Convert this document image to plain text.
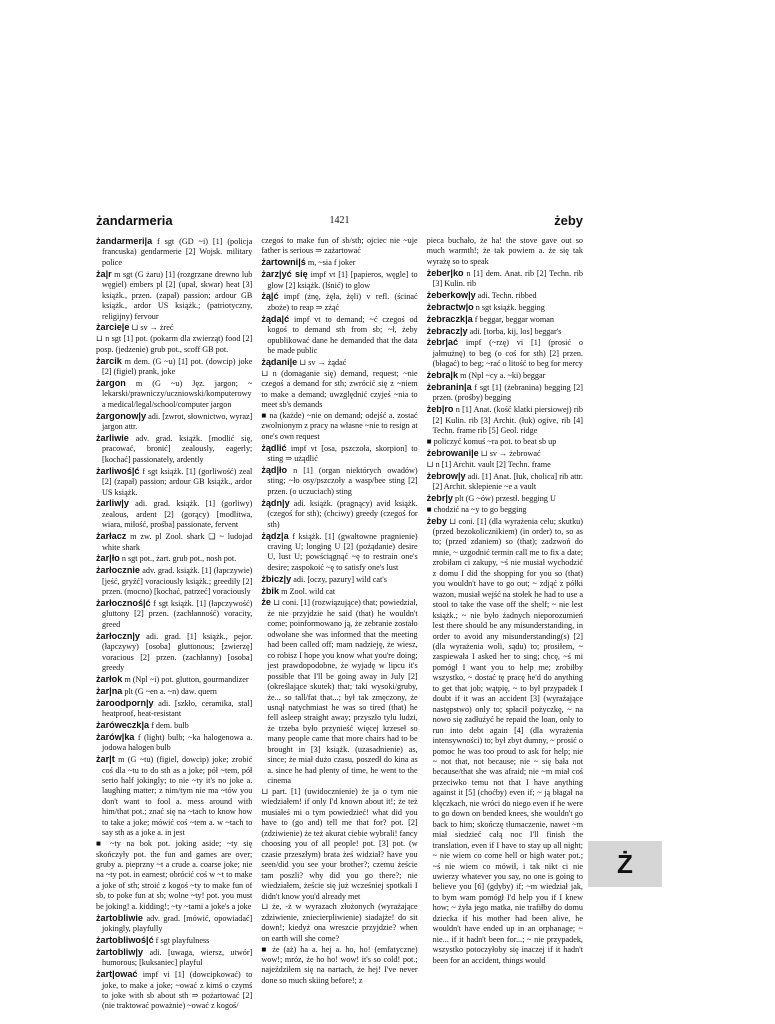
żandarmeria	1421	żeby

żandarmeri|a f sgt (GD ~i) [1] (policja francuska) gendarmerie [2] Wojsk. military police

ża|r m sgt (G żaru) [1] (rozgrzane drewno lub węgiel) embers pl [2] (upał, skwar) heat [3] książk., przen. (zapał) passion; ardour GB książk., ardor US książk.; (patriotyczny, religijny) fervour

żarcie|e ⊔ sv → żreć

⊔ n sgt [1] pot. (pokarm dla zwierząt) food [2] posp. (jedzenie) grub pot., scoff GB pot.

żarcik m dem. (G ~u) [1] pot. (dowcip) joke [2] (figiel) prank, joke

żargon m (G ~u) Jęz. jargon; ~ lekarski/prawniczy/uczniowski/komputerowy a medical/legal/school/computer jargon

żargonow|y adi. [zwrot, słownictwo, wyraz] jargon attr.

żarliwie adv. grad. książk. [modlić się, pracować, bronić] zealously, eagerly; [kochać] passionately, ardently

żarliwoś|ć f sgt książk. [1] (gorliwość) zeal [2] (zapał) passion; ardour GB książk., ardor US książk.

żarliw|y adi. grad. książk. [1] (gorliwy) zealous, ardent [2] (gorący) [modlitwa, wiara, miłość, prośba] passionate, fervent

żarłacz m zw. pl Zool. shark ❑ ~ ludojad white shark

żar|ło n sgt pot., żart. grub pot., nosh pot.

żarłocznie adv. grad. książk. [1] (łapczywie) [jeść, gryźć] voraciously książk.; greedily [2] przen. (mocno) [kochać, patrzeć] voraciously

żarłocznoś|ć f sgt książk. [1] (łapczywość) gluttony [2] przen. (zachłanność) voracity, greed

żarłoczn|y adi. grad. [1] książk., pejor. (łapczywy) [osoba] gluttonous; [zwierzę] voracious [2] przen. (zachłanny) [osoba] greedy

żarłok m (Npl ~i) pot. glutton, gourmandizer

żar|na plt (G ~en a. ~n) daw. quern

żaroodporn|y adi. [szkło, ceramika, stal] heatproof, heat-resistant

żaróweczk|a f dem. bulb

żarów|ka f (light) bulb; ~ka halogenowa a. jodowa halogen bulb

żar|t m (G ~tu) (figiel, dowcip) joke; zrobić coś dla ~tu to do sth as a joke; pół ~tem, pół serio half jokingly; to nie ~ty it's no joke a. laughing matter; z nim/tym nie ma ~tów you don't want to fool a. mess around with him/that pot.; znać się na ~tach to know how to take a joke; mówić coś ~tem a. w ~tach to say sth as a joke a. in jest

■ ~ty na bok pot. joking aside; ~ty się skończyły pot. the fun and games are over; gruby a. pieprzny ~t a crude a. coarse joke; nie na ~ty pot. in earnest; obrócić coś w ~t to make a joke of sth; stroić z kogoś ~ty to make fun of sb, to poke fun at sb; wolne ~ty! pot. you must be joking! a. kidding!; ~ty ~tami a joke's a joke

żartobliwie adv. grad. [mówić, opowiadać] jokingly, playfully

żartobliwoś|ć f sgt playfulness

żartobliw|y adi. [uwaga, wiersz, utwór] humorous; [kuksaniec] playful

żart|ować impf vi [1] (dowcipkować) to joke, to make a joke; ~ować z kimś o czymś to joke with sb about sth ⇒ pożartować [2] (nie traktować poważnie) ~ować z kogoś/

czegoś to make fun of sb/sth; ojciec nie ~uje father is serious ⇒ zażartować

żartowni|ś m, ~sia f joker

żarz|yć się impf vt [1] [papieros, węgle] to glow [2] książk. (lśnić) to glow

żą|ć impf (żnę, żęła, żęli) v refl. (ścinać zboże) to reap ⇒ zżąć

żąda|ć impf vt to demand; ~ć czegoś od kogoś to demand sth from sb; ~ł, żeby opublikować dane he demanded that the data be made public

żądani|e ⊔ sv → żądać

⊔ n (domaganie się) demand, request; ~nie czegoś a demand for sth; zwrócić się z ~niem to make a demand; uwzględnić czyjeś ~nia to meet sb's demands

■ na (każde) ~nie on demand; odejść a. zostać zwolnionym z pracy na własne ~nie to resign at one's own request

żądlić impf vt [osa, pszczoła, skorpion] to sting ⇒ użądlić

żąd|ło n [1] (organ niektórych owadów) sting; ~ło osy/pszczoły a wasp/bee sting [2] przen. (o uczuciach) sting

żądn|y adi. książk. (pragnący) avid książk. (czegoś for sth); (chciwy) greedy (czegoś for sth)

żądz|a f książk. [1] (gwałtowne pragnienie) craving U; longing U [2] (pożądanie) desire U, lust U; powściągnąć ~ę to restrain one's desire; zaspokoić ~ę to satisfy one's lust

żbicz|y adi. [oczy, pazury] wild cat's

żbik m Zool. wild cat

że ⊔ coni. [1] (rozwiązujące) that; powiedział, że nie przyjdzie he said (that) he wouldn't come; poinformowano ją, że zebranie zostało odwołane she was informed that the meeting had been called off; mam nadzieję, że wiesz, co robisz I hope you know what you're doing; jest prawdopodobne, że wyjadę w lipcu it's possible that I'll be going away in July [2] (określające skutek) that; taki wysoki/gruby, że... so tall/fat that...; był tak zmęczony, że usnął natychmiast he was so tired (that) he fell asleep straight away; przyszło tylu ludzi, że trzeba było przynieść więcej krzeseł so many people came that more chairs had to be brought in [3] książk. (uzasadnienie) as, since; że miał dużo czasu, poszedł do kina as a. since he had plenty of time, he went to the cinema

⊔ part. [1] (uwidocznienie) że ja o tym nie wiedziałem! if only I'd known about it!; że też musiałeś mi o tym powiedzieć! what did you have to (go and) tell me that for? pot. [2] (zdziwienie) że też akurat ciebie wybrali! fancy choosing you of all people! pot. [3] pot. (w czasie przeszłym) brata żeś widział? have you seen/did you see your brother?; czemu żeście tam poszli? why did you go there?; nie wiedziałem, żeście się już wcześniej spotkali I didn't know you'd already met

⊔ że, -ż w wyrazach złożonych (wyrażające zdziwienie, zniecierpliwienie) siadajże! do sit down!; kiedyż ona wreszcie przyjdzie? when on earth will she come?

■ że (aż) ha a. hej a. ho, ho! (emfatyczne) wow!; mróz, że ho ho! wow! it's so cold! pot.; najeździłem się na nartach, że hej! I've never done so much skiing before!; z

pieca buchało, że ha! the stove gave out so much warmth!; że tak powiem a. że się tak wyrażę so to speak

żeber|ko n [1] dem. Anat. rib [2] Techn. rib [3] Kulin. rib

żeberkow|y adi. Techn. ribbed

żebractw|o n sgt książk. begging

żebraczk|a f beggar, beggar woman

żebracz|y adi. [torba, kij, los] beggar's

żebr|ać impf (~rzę) vi [1] (prosić o jałmużnę) to beg (o coś for sth) [2] przen. (błagać) to beg; ~rać o litość to beg for mercy

żebra|k m (Npl ~cy a. ~ki) beggar

żebranin|a f sgt [1] (żebranina) begging [2] przen. (prośby) begging

żeb|ro n [1] Anat. (kość klatki piersiowej) rib [2] Kulin. rib [3] Archit. (łuk) ogive, rib [4] Techn. frame rib [5] Geol. ridge

■ policzyć komuś ~ra pot. to beat sb up

żebrowani|e ⊔ sv → żebrować

⊔ n [1] Archit. vault [2] Techn. frame

żebrow|y adi. [1] Anat. [łuk, cholica] rib attr. [2] Archit. sklepienie ~e a vault

żebr|y plt (G ~ów) przestł. begging U

■ chodzić na ~y to go begging

żeby ⊔ coni. [1] (dla wyrażenia celu; skutku) (przed bezokolicznikiem) (in order) to, so as to; (przed zdaniem) so (that); zadzwoń do mnie, ~ uzgodnić termin call me to fix a date; zrobiłam ci zakupy, ~ś nie musiał wychodzić z domu I did the shopping for you so (that) you wouldn't have to go out; ~ zdjąć z półki wazon, musiał wejść na stołek he had to use a stool to take the vase off the shelf; ~ nie lest książk.; ~ nie było żadnych nieporozumień lest there should be any misunderstanding, in order to avoid any misunderstanding(s) [2] (dla wyrażenia woli, sądu) to; prosiłem, ~ zaspiewała I asked her to sing; chcę, ~ś mi pomógł I want you to help me; zrobiłby wszystko, ~ dostać tę pracę he'd do anything to get that job; wątpię, ~ to był przypadek I doubt if it was an accident [3] (wyrażające następstwo) only to; spłacił pożyczkę, ~ na nowo się zadłużyć he repaid the loan, only to run into debt again [4] (dla wyrażenia intensywności) to; był zbyt dumny, ~ prosić o pomoc he was too proud to ask for help; nie ~ not that, not because; nie ~ się bała not because/that she was afraid; nie ~m miał coś przeciwko temu not that I have anything against it [5] (choćby) even if; ~ ją błagał na klęczkach, nie wróci do niego even if he were to go down on bended knees, she wouldn't go back to him; skończę tłumaczenie, nawet ~m miał siedzieć całą noc I'll finish the translation, even if I have to stay up all night; ~ nie wiem co come hell or high water pot.; ~ś nie wiem co mówił, i tak nikt ci nie uwierzy whatever you say, no one is going to believe you [6] (gdyby) if; ~m wiedział jak, to bym wam pomógł I'd help you if I knew how; ~ żyła jego matka, nie trafiłby do domu dziecka if his mother had been alive, he wouldn't have ended up in an orphanage; ~ nie... if it hadn't been for...; ~ nie przypadek, wszystko potoczyłoby się inaczej if it hadn't been for an accident, things would

Ż
